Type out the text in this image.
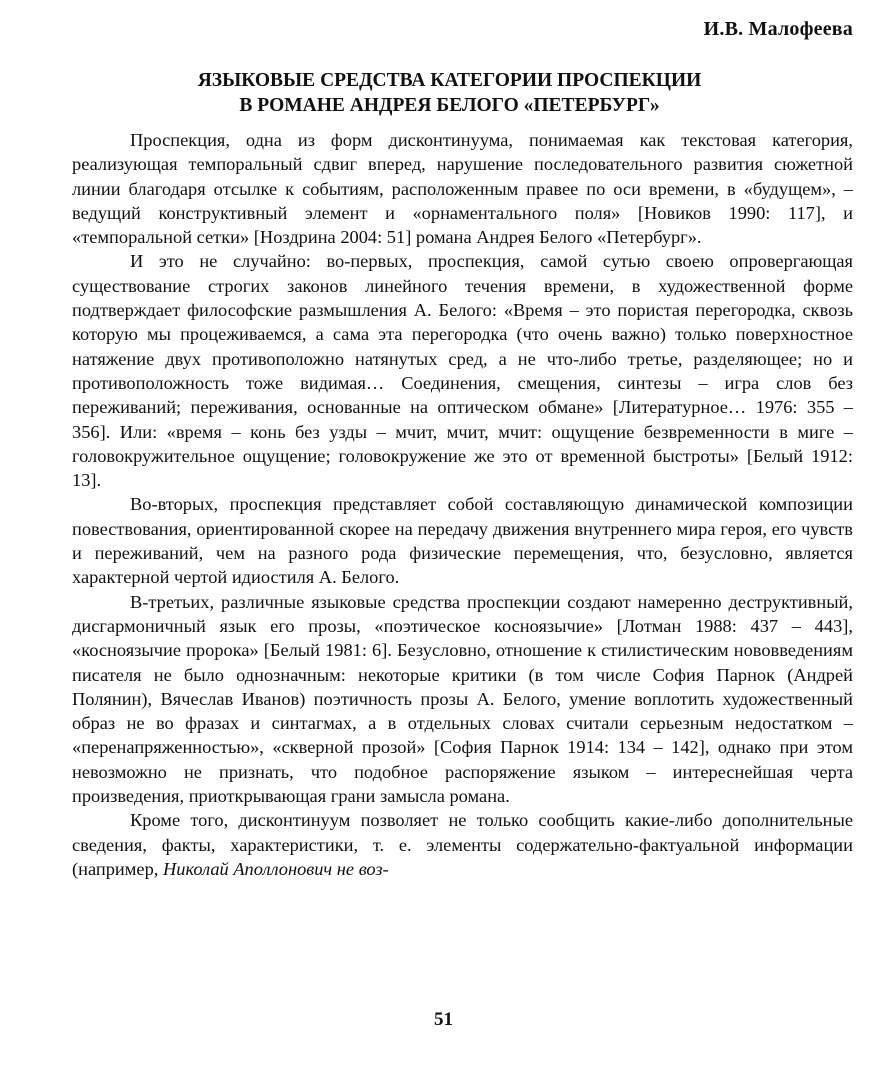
И.В. Малофеева
ЯЗЫКОВЫЕ СРЕДСТВА КАТЕГОРИИ ПРОСПЕКЦИИ
В РОМАНЕ АНДРЕЯ БЕЛОГО «ПЕТЕРБУРГ»

Проспекция, одна из форм дисконтинуума, понимаемая как текстовая категория, реализующая темпоральный сдвиг вперед, нарушение последовательного развития сюжетной линии благодаря отсылке к событиям, расположенным правее по оси времени, в «будущем», – ведущий конструктивный элемент и «орнаментального поля» [Новиков 1990: 117], и «темпоральной сетки» [Ноздрина 2004: 51] романа Андрея Белого «Петербург».

И это не случайно: во-первых, проспекция, самой сутью своею опровергающая существование строгих законов линейного течения времени, в художественной форме подтверждает философские размышления А. Белого: «Время – это пористая перегородка, сквозь которую мы процеживаемся, а сама эта перегородка (что очень важно) только поверхностное натяжение двух противоположно натянутых сред, а не что-либо третье, разделяющее; но и противоположность тоже видимая… Соединения, смещения, синтезы – игра слов без переживаний; переживания, основанные на оптическом обмане» [Литературное… 1976: 355 – 356]. Или: «время – конь без узды – мчит, мчит, мчит: ощущение безвременности в миге – головокружительное ощущение; головокружение же это от временной быстроты» [Белый 1912: 13].

Во-вторых, проспекция представляет собой составляющую динамической композиции повествования, ориентированной скорее на передачу движения внутреннего мира героя, его чувств и переживаний, чем на разного рода физические перемещения, что, безусловно, является характерной чертой идиостиля А. Белого.

В-третьих, различные языковые средства проспекции создают намеренно деструктивный, дисгармоничный язык его прозы, «поэтическое косноязычие» [Лотман 1988: 437 – 443], «косноязычие пророка» [Белый 1981: 6]. Безусловно, отношение к стилистическим нововведениям писателя не было однозначным: некоторые критики (в том числе София Парнок (Андрей Полянин), Вячеслав Иванов) поэтичность прозы А. Белого, умение воплотить художественный образ не во фразах и синтагмах, а в отдельных словах считали серьезным недостатком – «перенапряженностью», «скверной прозой» [София Парнок 1914: 134 – 142], однако при этом невозможно не признать, что подобное распоряжение языком – интереснейшая черта произведения, приоткрывающая грани замысла романа.

Кроме того, дисконтинуум позволяет не только сообщить какие-либо дополнительные сведения, факты, характеристики, т. е. элементы содержательно-фактуальной информации (например, Николай Аполлонович не воз-

51
